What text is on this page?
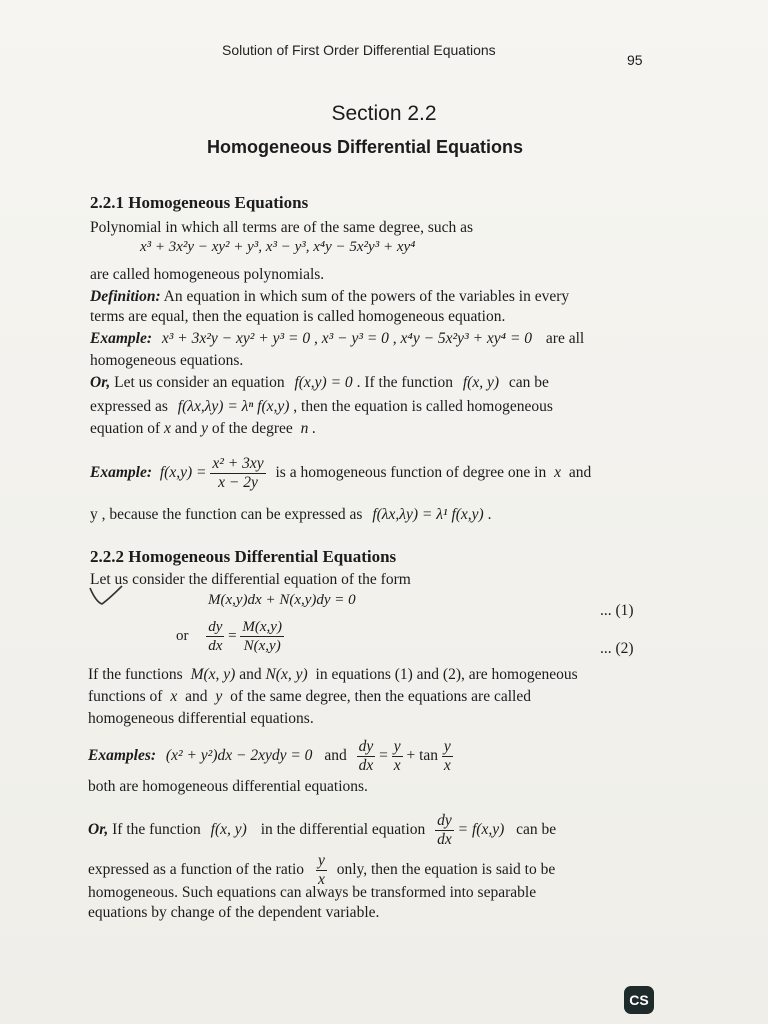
Solution of First Order Differential Equations
95
Section 2.2
Homogeneous Differential Equations
2.2.1 Homogeneous Equations
Polynomial in which all terms are of the same degree, such as
x³ + 3x²y − xy² + y³, x³ − y³, x⁴y − 5x²y³ + xy⁴
are called homogeneous polynomials.
Definition: An equation in which sum of the powers of the variables in every
terms are equal, then the equation is called homogeneous equation.
Example: x³ + 3x²y − xy² + y³ = 0 , x³ − y³ = 0 , x⁴y − 5x²y³ + xy⁴ = 0 are all
homogeneous equations.
Or, Let us consider an equation f(x,y) = 0 . If the function f(x, y) can be
expressed as f(λx,λy) = λⁿ f(x,y) , then the equation is called homogeneous
equation of x and y of the degree n .
Example: $f(x,y) = \frac{\text{x² + 3xy}}{x - 2y}$ is a homogeneous function of degree one in x and
y , because the function can be expressed as f(λx,λy) = λ¹ f(x,y) .
2.2.2 Homogeneous Differential Equations
Let us consider the differential equation of the form
M(x,y)dx + N(x,y)dy = 0
... (1)
or $\frac{dy}{dx} = \frac{M(x,y)}{N(x,y)}$	... (2)
If the functions M(x, y) and N(x, y) in equations (1) and (2), are homogeneous
functions of x and y of the same degree, then the equations are called
homogeneous differential equations.
Examples: (x² + y²)dx − 2xydy = 0 and $\frac{dy}{dx} = \frac{y}{x} + \tan \frac{y}{x}$
both are homogeneous differential equations.
Or, If the function f(x, y) in the differential equation $\frac{dy}{dx} = f(x,y)$ can be
expressed as a function of the ratio $\frac{y}{x}$ only, then the equation is said to be
homogeneous. Such equations can always be transformed into separable
equations by change of the dependent variable.
CS
